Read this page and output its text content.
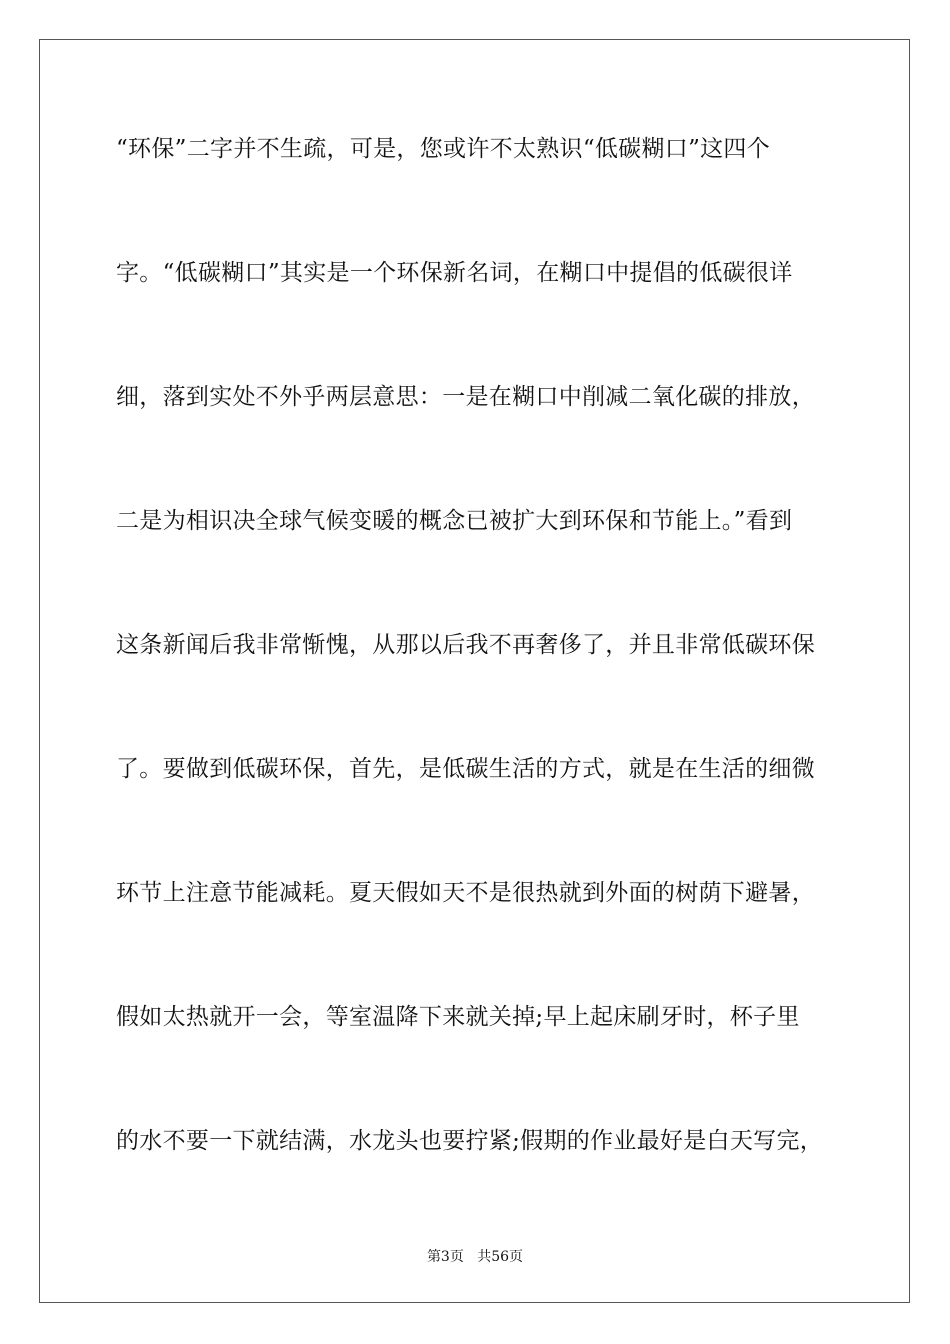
“环保”二字并不生疏，可是，您或许不太熟识“低碳糊口”这四个
字。“低碳糊口”其实是一个环保新名词，在糊口中提倡的低碳很详
细，落到实处不外乎两层意思：一是在糊口中削减二氧化碳的排放，
二是为相识决全球气候变暖的概念已被扩大到环保和节能上。”看到
这条新闻后我非常惭愧，从那以后我不再奢侈了，并且非常低碳环保
了。要做到低碳环保，首先，是低碳生活的方式，就是在生活的细微
环节上注意节能减耗。夏天假如天不是很热就到外面的树荫下避暑，
假如太热就开一会，等室温降下来就关掉;早上起床刷牙时，杯子里
的水不要一下就结满，水龙头也要拧紧;假期的作业最好是白天写完，
第3页 共56页
